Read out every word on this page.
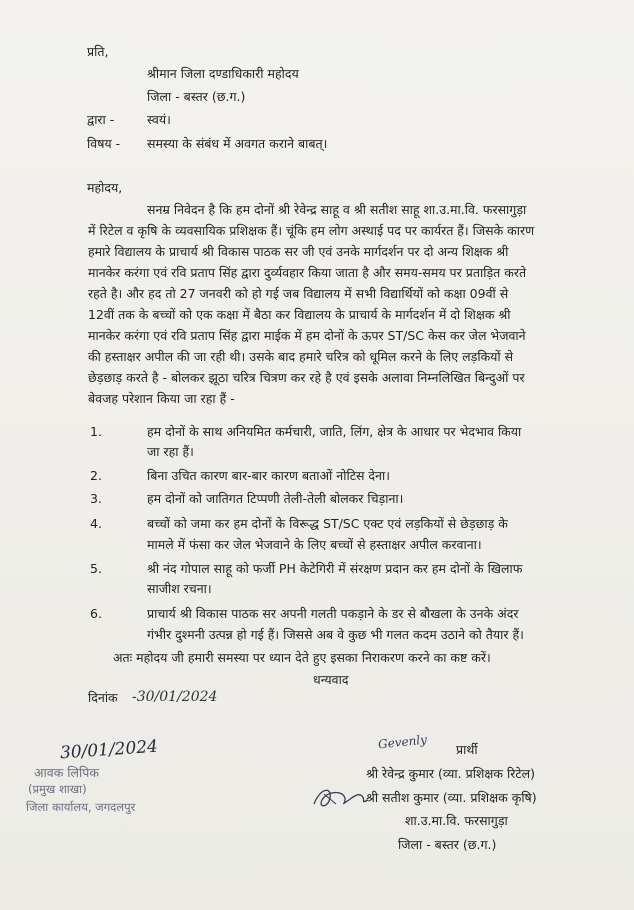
प्रति,
श्रीमान जिला दण्डाधिकारी महोदय
जिला - बस्तर (छ.ग.)
द्वारा -	स्वयं।
विषय - समस्या के संबंध में अवगत कराने बाबत्।
महोदय,
सनम्र निवेदन है कि हम दोनों श्री रेवेन्द्र साहू व श्री सतीश साहू शा.उ.मा.वि. फरसागुड़ा
में रिटेल व कृषि के व्यवसायिक प्रशिक्षक हैं। चूंकि हम लोग अस्थाई पद पर कार्यरत हैं। जिसके कारण
हमारे विद्यालय के प्राचार्य श्री विकास पाठक सर जी एवं उनके मार्गदर्शन पर दो अन्य शिक्षक श्री
मानकेर करंगा एवं रवि प्रताप सिंह द्वारा दुर्व्यवहार किया जाता है और समय-समय पर प्रताड़ित करते
रहते है। और हद तो 27 जनवरी को हो गई जब विद्यालय में सभी विद्यार्थियों को कक्षा 09वीं से
12वीं तक के बच्चों को एक कक्षा में बैठा कर विद्यालय के प्राचार्य के मार्गदर्शन में दो शिक्षक श्री
मानकेर करंगा एवं रवि प्रताप सिंह द्वारा माईक में हम दोनों के ऊपर ST/SC केस कर जेल भेजवाने
की हस्ताक्षर अपील की जा रही थी। उसके बाद हमारे चरित्र को धूमिल करने के लिए लड़कियों से
छेड़छाड़ करते है - बोलकर झूठा चरित्र चित्रण कर रहे है एवं इसके अलावा निम्नलिखित बिन्दुओं पर
बेवजह परेशान किया जा रहा हैं -
1.	हम दोनों के साथ अनियमित कर्मचारी, जाति, लिंग, क्षेत्र के आधार पर भेदभाव किया
जा रहा हैं।
2.	बिना उचित कारण बार-बार कारण बताओं नोटिस देना।
3.	हम दोनों को जातिगत टिप्पणी तेली-तेली बोलकर चिड़ाना।
4.	बच्चों को जमा कर हम दोनों के विरूद्ध ST/SC एक्ट एवं लड़कियों से छेड़छाड़ के
मामले में फंसा कर जेल भेजवाने के लिए बच्चों से हस्ताक्षर अपील करवाना।
5.	श्री नंद गोपाल साहू को फर्जी PH केटेगिरी में संरक्षण प्रदान कर हम दोनों के खिलाफ
साजीश रचना।
6.	प्राचार्य श्री विकास पाठक सर अपनी गलती पकड़ाने के डर से बौखला के उनके अंदर
गंभीर दुश्मनी उत्पन्न हो गई हैं। जिससे अब वे कुछ भी गलत कदम उठाने को तैयार हैं।
अतः महोदय जी हमारी समस्या पर ध्यान देते हुए इसका निराकरण करने का कष्ट करें।
धन्यवाद
दिनांक -30/01/2024
30/01/2024
आवक लिपिक
(प्रमुख शाखा)
जिला कार्यालय, जगदलपुर
Gevenly प्रार्थी
श्री रेवेन्द्र कुमार (व्या. प्रशिक्षक रिटेल)
श्री सतीश कुमार (व्या. प्रशिक्षक कृषि)
शा.उ.मा.वि. फरसागुड़ा
जिला - बस्तर (छ.ग.)
